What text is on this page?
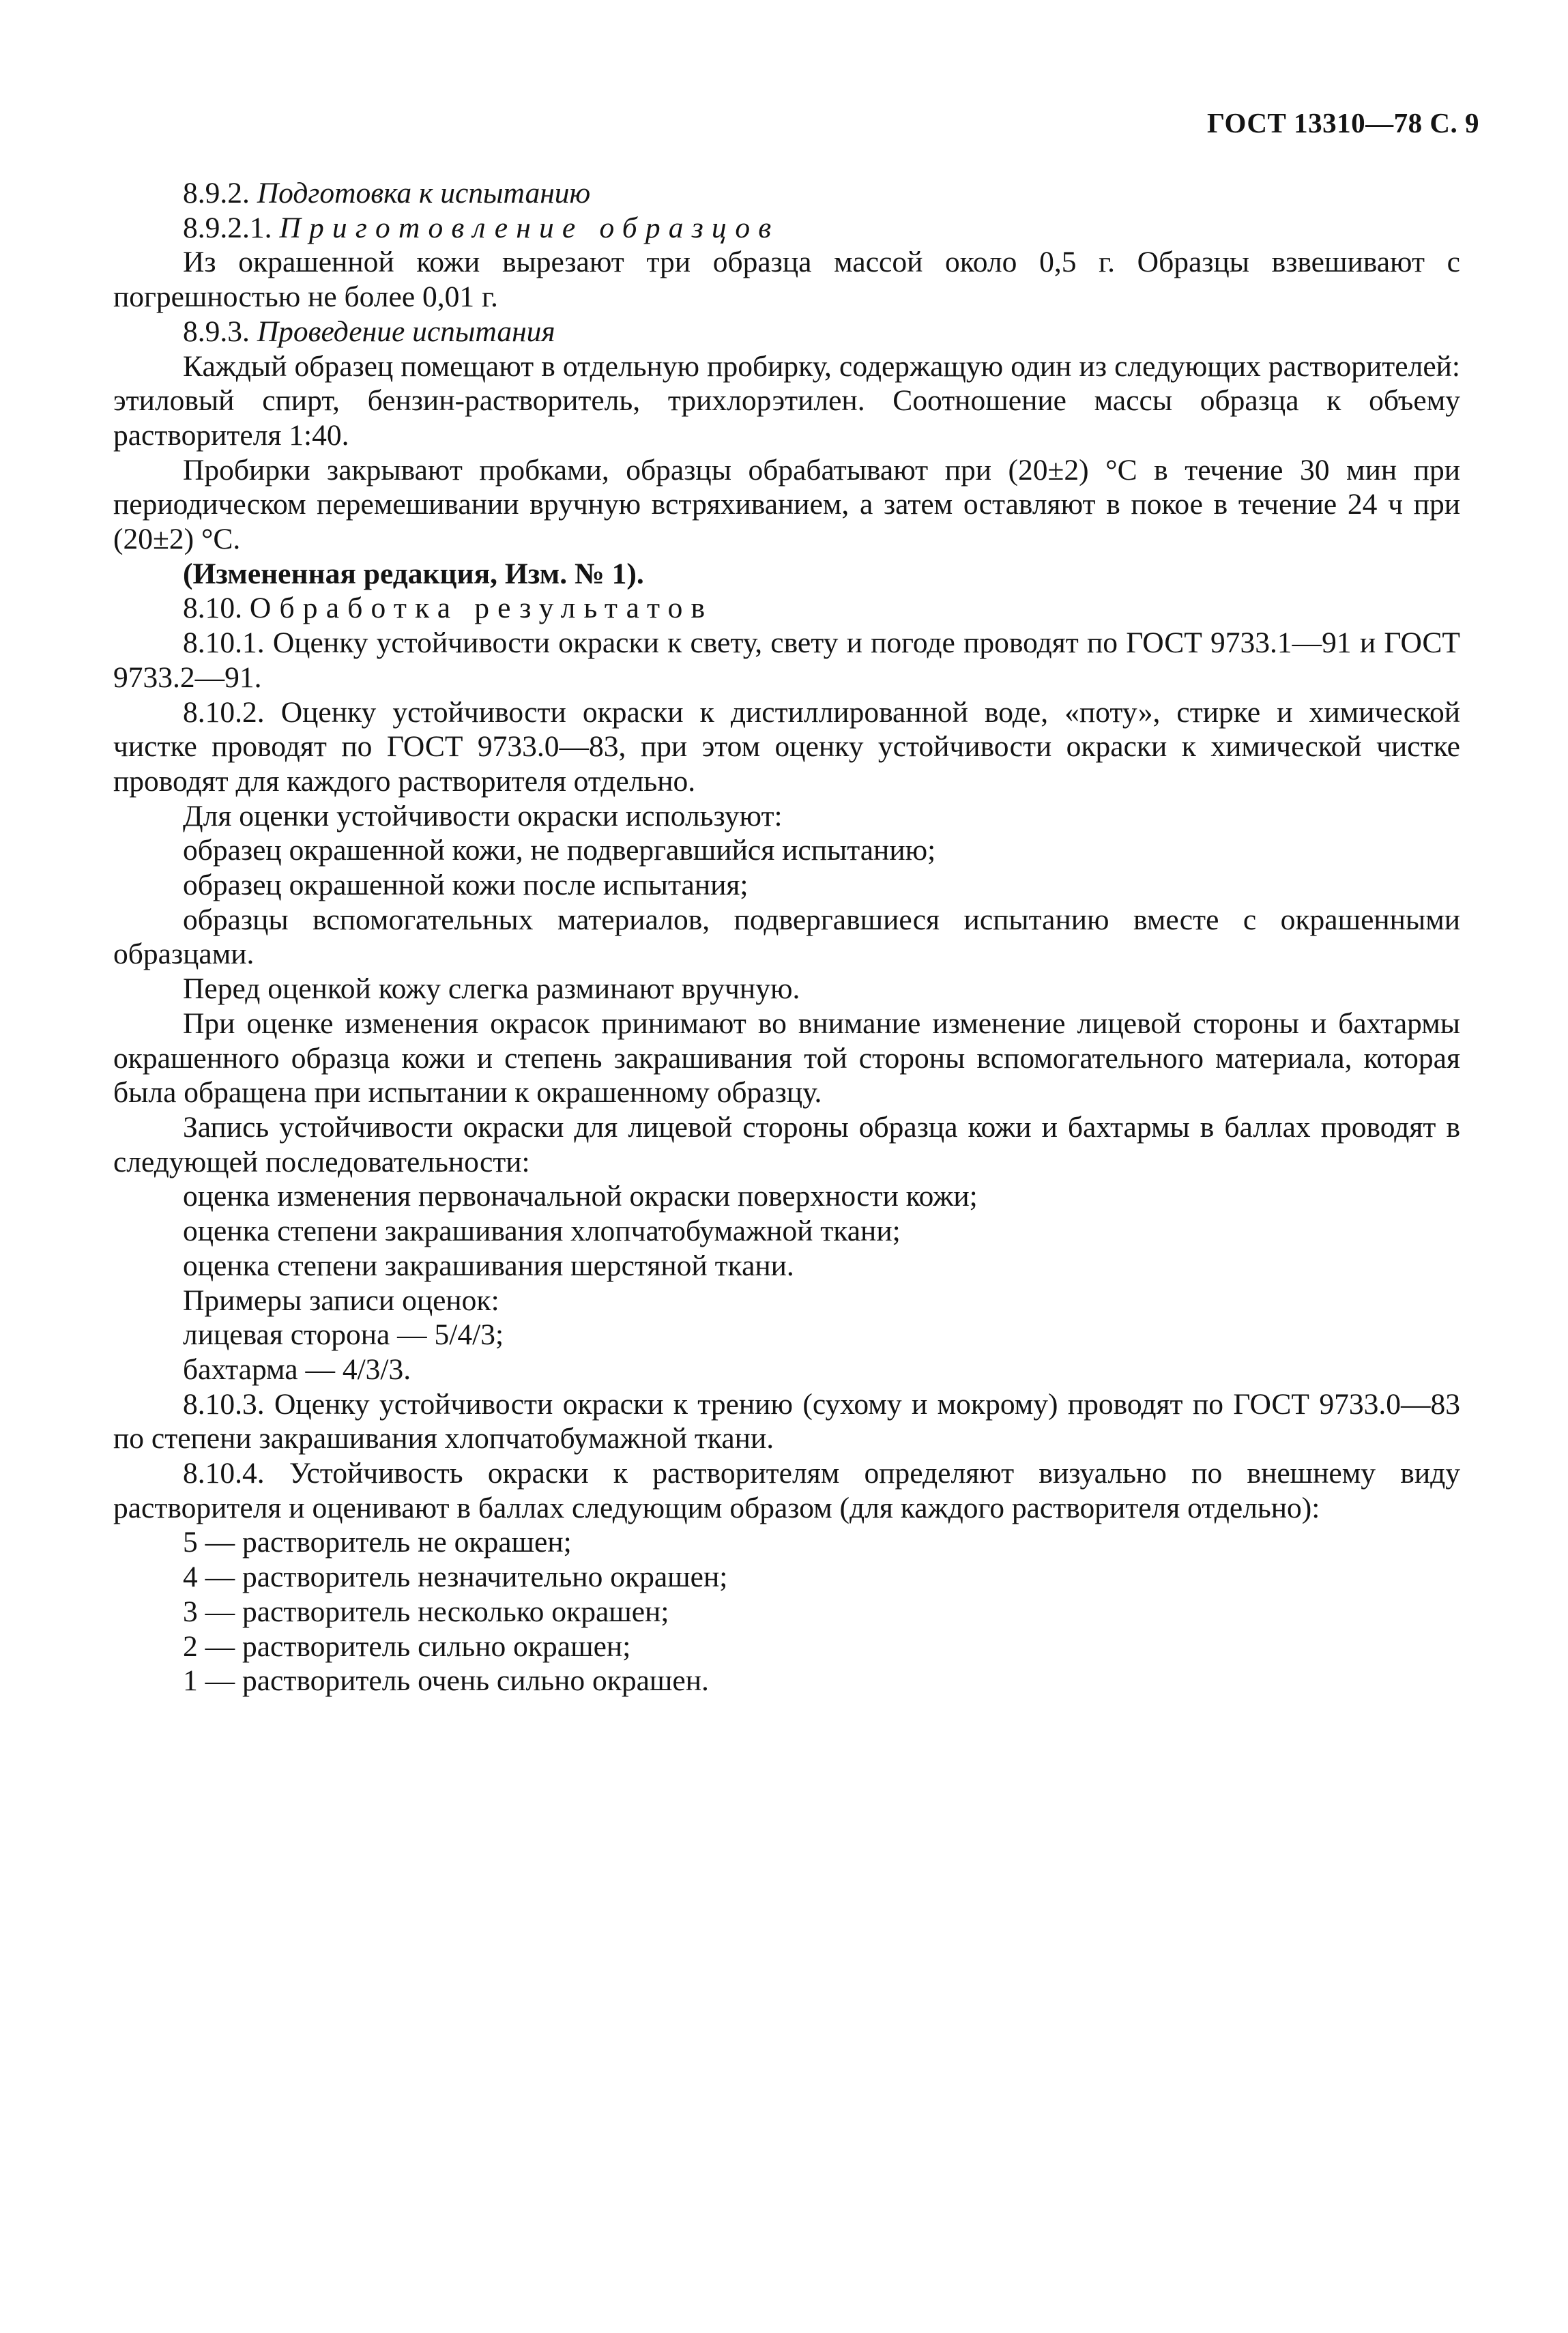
ГОСТ 13310—78 С. 9

8.9.2. Подготовка к испытанию

8.9.2.1. Приготовление образцов

Из окрашенной кожи вырезают три образца массой около 0,5 г. Образцы взвешивают с погрешностью не более 0,01 г.

8.9.3. Проведение испытания

Каждый образец помещают в отдельную пробирку, содержащую один из следующих растворителей: этиловый спирт, бензин-растворитель, трихлорэтилен. Соотношение массы образца к объему растворителя 1:40.

Пробирки закрывают пробками, образцы обрабатывают при (20±2) °С в течение 30 мин при периодическом перемешивании вручную встряхиванием, а затем оставляют в покое в течение 24 ч при (20±2) °С.

(Измененная редакция, Изм. № 1).

8.10. Обработка результатов

8.10.1. Оценку устойчивости окраски к свету, свету и погоде проводят по ГОСТ 9733.1—91 и ГОСТ 9733.2—91.

8.10.2. Оценку устойчивости окраски к дистиллированной воде, «поту», стирке и химической чистке проводят по ГОСТ 9733.0—83, при этом оценку устойчивости окраски к химической чистке проводят для каждого растворителя отдельно.

Для оценки устойчивости окраски используют:

образец окрашенной кожи, не подвергавшийся испытанию;

образец окрашенной кожи после испытания;

образцы вспомогательных материалов, подвергавшиеся испытанию вместе с окрашенными образцами.

Перед оценкой кожу слегка разминают вручную.

При оценке изменения окрасок принимают во внимание изменение лицевой стороны и бахтармы окрашенного образца кожи и степень закрашивания той стороны вспомогательного материала, которая была обращена при испытании к окрашенному образцу.

Запись устойчивости окраски для лицевой стороны образца кожи и бахтармы в баллах проводят в следующей последовательности:

оценка изменения первоначальной окраски поверхности кожи;

оценка степени закрашивания хлопчатобумажной ткани;

оценка степени закрашивания шерстяной ткани.

Примеры записи оценок:

лицевая сторона — 5/4/3;

бахтарма — 4/3/3.

8.10.3. Оценку устойчивости окраски к трению (сухому и мокрому) проводят по ГОСТ 9733.0—83 по степени закрашивания хлопчатобумажной ткани.

8.10.4. Устойчивость окраски к растворителям определяют визуально по внешнему виду растворителя и оценивают в баллах следующим образом (для каждого растворителя отдельно):

5 — растворитель не окрашен;

4 — растворитель незначительно окрашен;

3 — растворитель несколько окрашен;

2 — растворитель сильно окрашен;

1 — растворитель очень сильно окрашен.
